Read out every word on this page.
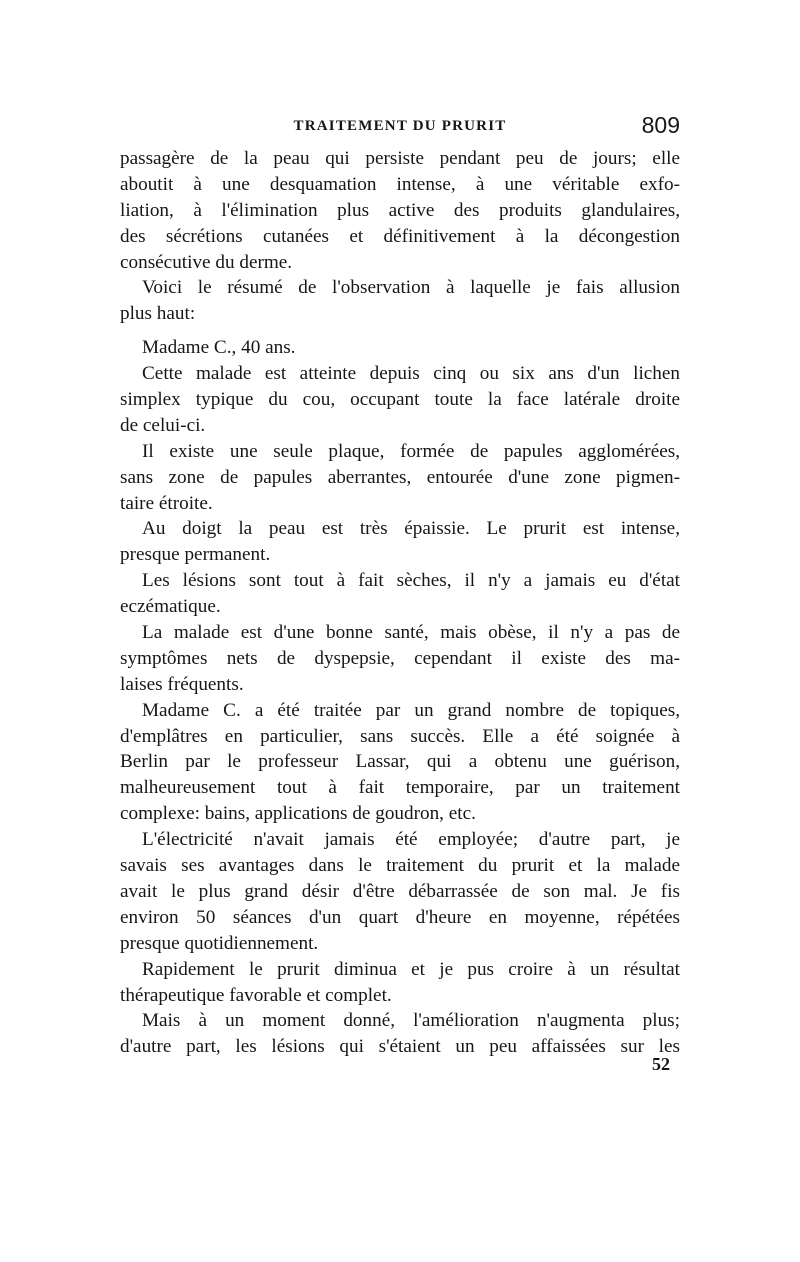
TRAITEMENT DU PRURIT	809
passagère de la peau qui persiste pendant peu de jours; elle
aboutit à une desquamation intense, à une véritable exfo-
liation, à l'élimination plus active des produits glandulaires,
des sécrétions cutanées et définitivement à la décongestion
consécutive du derme.
Voici le résumé de l'observation à laquelle je fais allusion
plus haut:
Madame C., 40 ans.
Cette malade est atteinte depuis cinq ou six ans d'un lichen
simplex typique du cou, occupant toute la face latérale droite
de celui-ci.
Il existe une seule plaque, formée de papules agglomérées,
sans zone de papules aberrantes, entourée d'une zone pigmen-
taire étroite.
Au doigt la peau est très épaissie. Le prurit est intense,
presque permanent.
Les lésions sont tout à fait sèches, il n'y a jamais eu d'état
eczématique.
La malade est d'une bonne santé, mais obèse, il n'y a pas de
symptômes nets de dyspepsie, cependant il existe des ma-
laises fréquents.
Madame C. a été traitée par un grand nombre de topiques,
d'emplâtres en particulier, sans succès. Elle a été soignée à
Berlin par le professeur Lassar, qui a obtenu une guérison,
malheureusement tout à fait temporaire, par un traitement
complexe: bains, applications de goudron, etc.
L'électricité n'avait jamais été employée; d'autre part, je
savais ses avantages dans le traitement du prurit et la malade
avait le plus grand désir d'être débarrassée de son mal. Je fis
environ 50 séances d'un quart d'heure en moyenne, répétées
presque quotidiennement.
Rapidement le prurit diminua et je pus croire à un résultat
thérapeutique favorable et complet.
Mais à un moment donné, l'amélioration n'augmenta plus;
d'autre part, les lésions qui s'étaient un peu affaissées sur les
52
